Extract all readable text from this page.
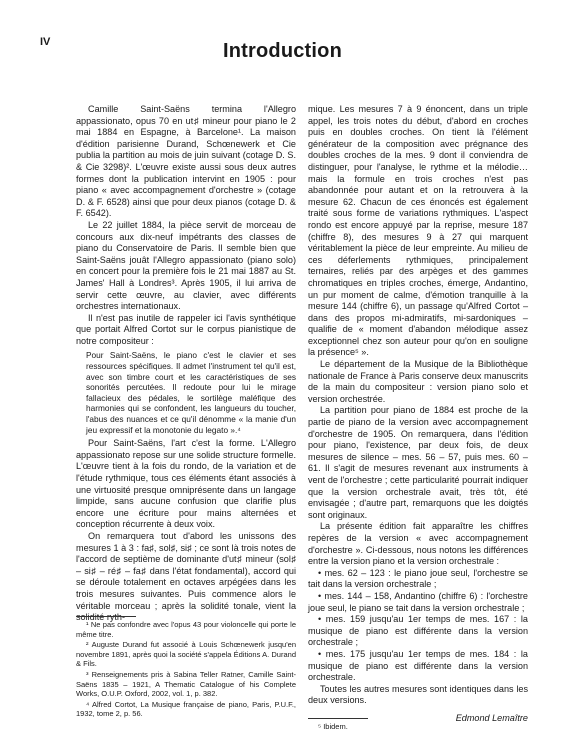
IV	Introduction

Camille Saint-Saëns termina l'Allegro appassionato, opus 70 en ut♯ mineur pour piano le 2 mai 1884 en Espagne, à Barcelone¹. La maison d'édition parisienne Durand, Schœnewerk et Cie publia la partition au mois de juin suivant (cotage D. S. & Cie 3298)². L'œuvre existe aussi sous deux autres formes dont la publication intervint en 1905 : pour piano « avec accompagnement d'orchestre » (cotage D. & F. 6528) ainsi que pour deux pianos (cotage D. & F. 6542).

Le 22 juillet 1884, la pièce servit de morceau de concours aux dix-neuf impétrants des classes de piano du Conservatoire de Paris. Il semble bien que Saint-Saëns jouât l'Allegro appassionato (piano solo) en concert pour la première fois le 21 mai 1887 au St. James' Hall à Londres³. Après 1905, il lui arriva de servir cette œuvre, au clavier, avec différents orchestres internationaux.

Il n'est pas inutile de rappeler ici l'avis synthétique que portait Alfred Cortot sur le corpus pianistique de notre compositeur :

Pour Saint-Saëns, le piano c'est le clavier et ses ressources spécifiques. Il admet l'instrument tel qu'il est, avec son timbre court et les caractéristiques de ses sonorités percutées. Il redoute pour lui le mirage fallacieux des pédales, le sortilège maléfique des harmonies qui se confondent, les langueurs du toucher, l'abus des nuances et ce qu'il dénomme « la manie d'un jeu expressif et la monotonie du legato ».⁴

Pour Saint-Saëns, l'art c'est la forme. L'Allegro appassionato repose sur une solide structure formelle. L'œuvre tient à la fois du rondo, de la variation et de l'étude rythmique, tous ces éléments étant associés à une virtuosité presque omniprésente dans un langage limpide, sans aucune confusion que clarifie plus encore une écriture pour mains alternées et conception récurrente à deux voix.

On remarquera tout d'abord les unissons des mesures 1 à 3 : fa♯, sol♯, si♯ ; ce sont là trois notes de l'accord de septième de dominante d'ut♯ mineur (sol♯ – si♯ – ré♯ – fa♯ dans l'état fondamental), accord qui se déroule totalement en octaves arpégées dans les trois mesures suivantes. Puis commence alors le véritable morceau ; après la solidité tonale, vient la solidité ryth-

mique. Les mesures 7 à 9 énoncent, dans un triple appel, les trois notes du début, d'abord en croches puis en doubles croches. On tient là l'élément générateur de la composition avec prégnance des doubles croches de la mes. 9 dont il conviendra de distinguer, pour l'analyse, le rythme et la mélodie… mais la formule en trois croches n'est pas abandonnée pour autant et on la retrouvera à la mesure 62. Chacun de ces énoncés est également traité sous forme de variations rythmiques. L'aspect rondo est encore appuyé par la reprise, mesure 187 (chiffre 8), des mesures 9 à 27 qui marquent véritablement la pièce de leur empreinte. Au milieu de ces déferlements rythmiques, principalement ternaires, reliés par des arpèges et des gammes chromatiques en triples croches, émerge, Andantino, un pur moment de calme, d'émotion tranquille à la mesure 144 (chiffre 6), un passage qu'Alfred Cortot – dans des propos mi-admiratifs, mi-sardoniques – qualifie de « moment d'abandon mélodique assez exceptionnel chez son auteur pour qu'on en souligne la présence⁵ ».

Le département de la Musique de la Bibliothèque nationale de France à Paris conserve deux manuscrits de la main du compositeur : version piano solo et version orchestrée.

La partition pour piano de 1884 est proche de la partie de piano de la version avec accompagnement d'orchestre de 1905. On remarquera, dans l'édition pour piano, l'existence, par deux fois, de deux mesures de silence – mes. 56 – 57, puis mes. 60 – 61. Il s'agit de mesures revenant aux instruments à vent de l'orchestre ; cette particularité pourrait indiquer que la version orchestrale avait, très tôt, été envisagée ; d'autre part, remarquons que les doigtés sont originaux.

La présente édition fait apparaître les chiffres repères de la version « avec accompagnement d'orchestre ». Ci-dessous, nous notons les différences entre la version piano et la version orchestrale :

• mes. 62 – 123 : le piano joue seul, l'orchestre se tait dans la version orchestrale ;

• mes. 144 – 158, Andantino (chiffre 6) : l'orchestre joue seul, le piano se tait dans la version orchestrale ;

• mes. 159 jusqu'au 1er temps de mes. 167 : la musique de piano est différente dans la version orchestrale ;

• mes. 175 jusqu'au 1er temps de mes. 184 : la musique de piano est différente dans la version orchestrale.

Toutes les autres mesures sont identiques dans les deux versions.

Edmond Lemaître

¹ Ne pas confondre avec l'opus 43 pour violoncelle qui porte le même titre.

² Auguste Durand fut associé à Louis Schœnewerk jusqu'en novembre 1891, après quoi la société s'appela Éditions A. Durand & Fils.

³ Renseignements pris à Sabina Teller Ratner, Camille Saint-Saëns 1835 – 1921, A Thematic Catalogue of his Complete Works, O.U.P. Oxford, 2002, vol. 1, p. 382.

⁴ Alfred Cortot, La Musique française de piano, Paris, P.U.F., 1932, tome 2, p. 56.

⁵ Ibidem.
